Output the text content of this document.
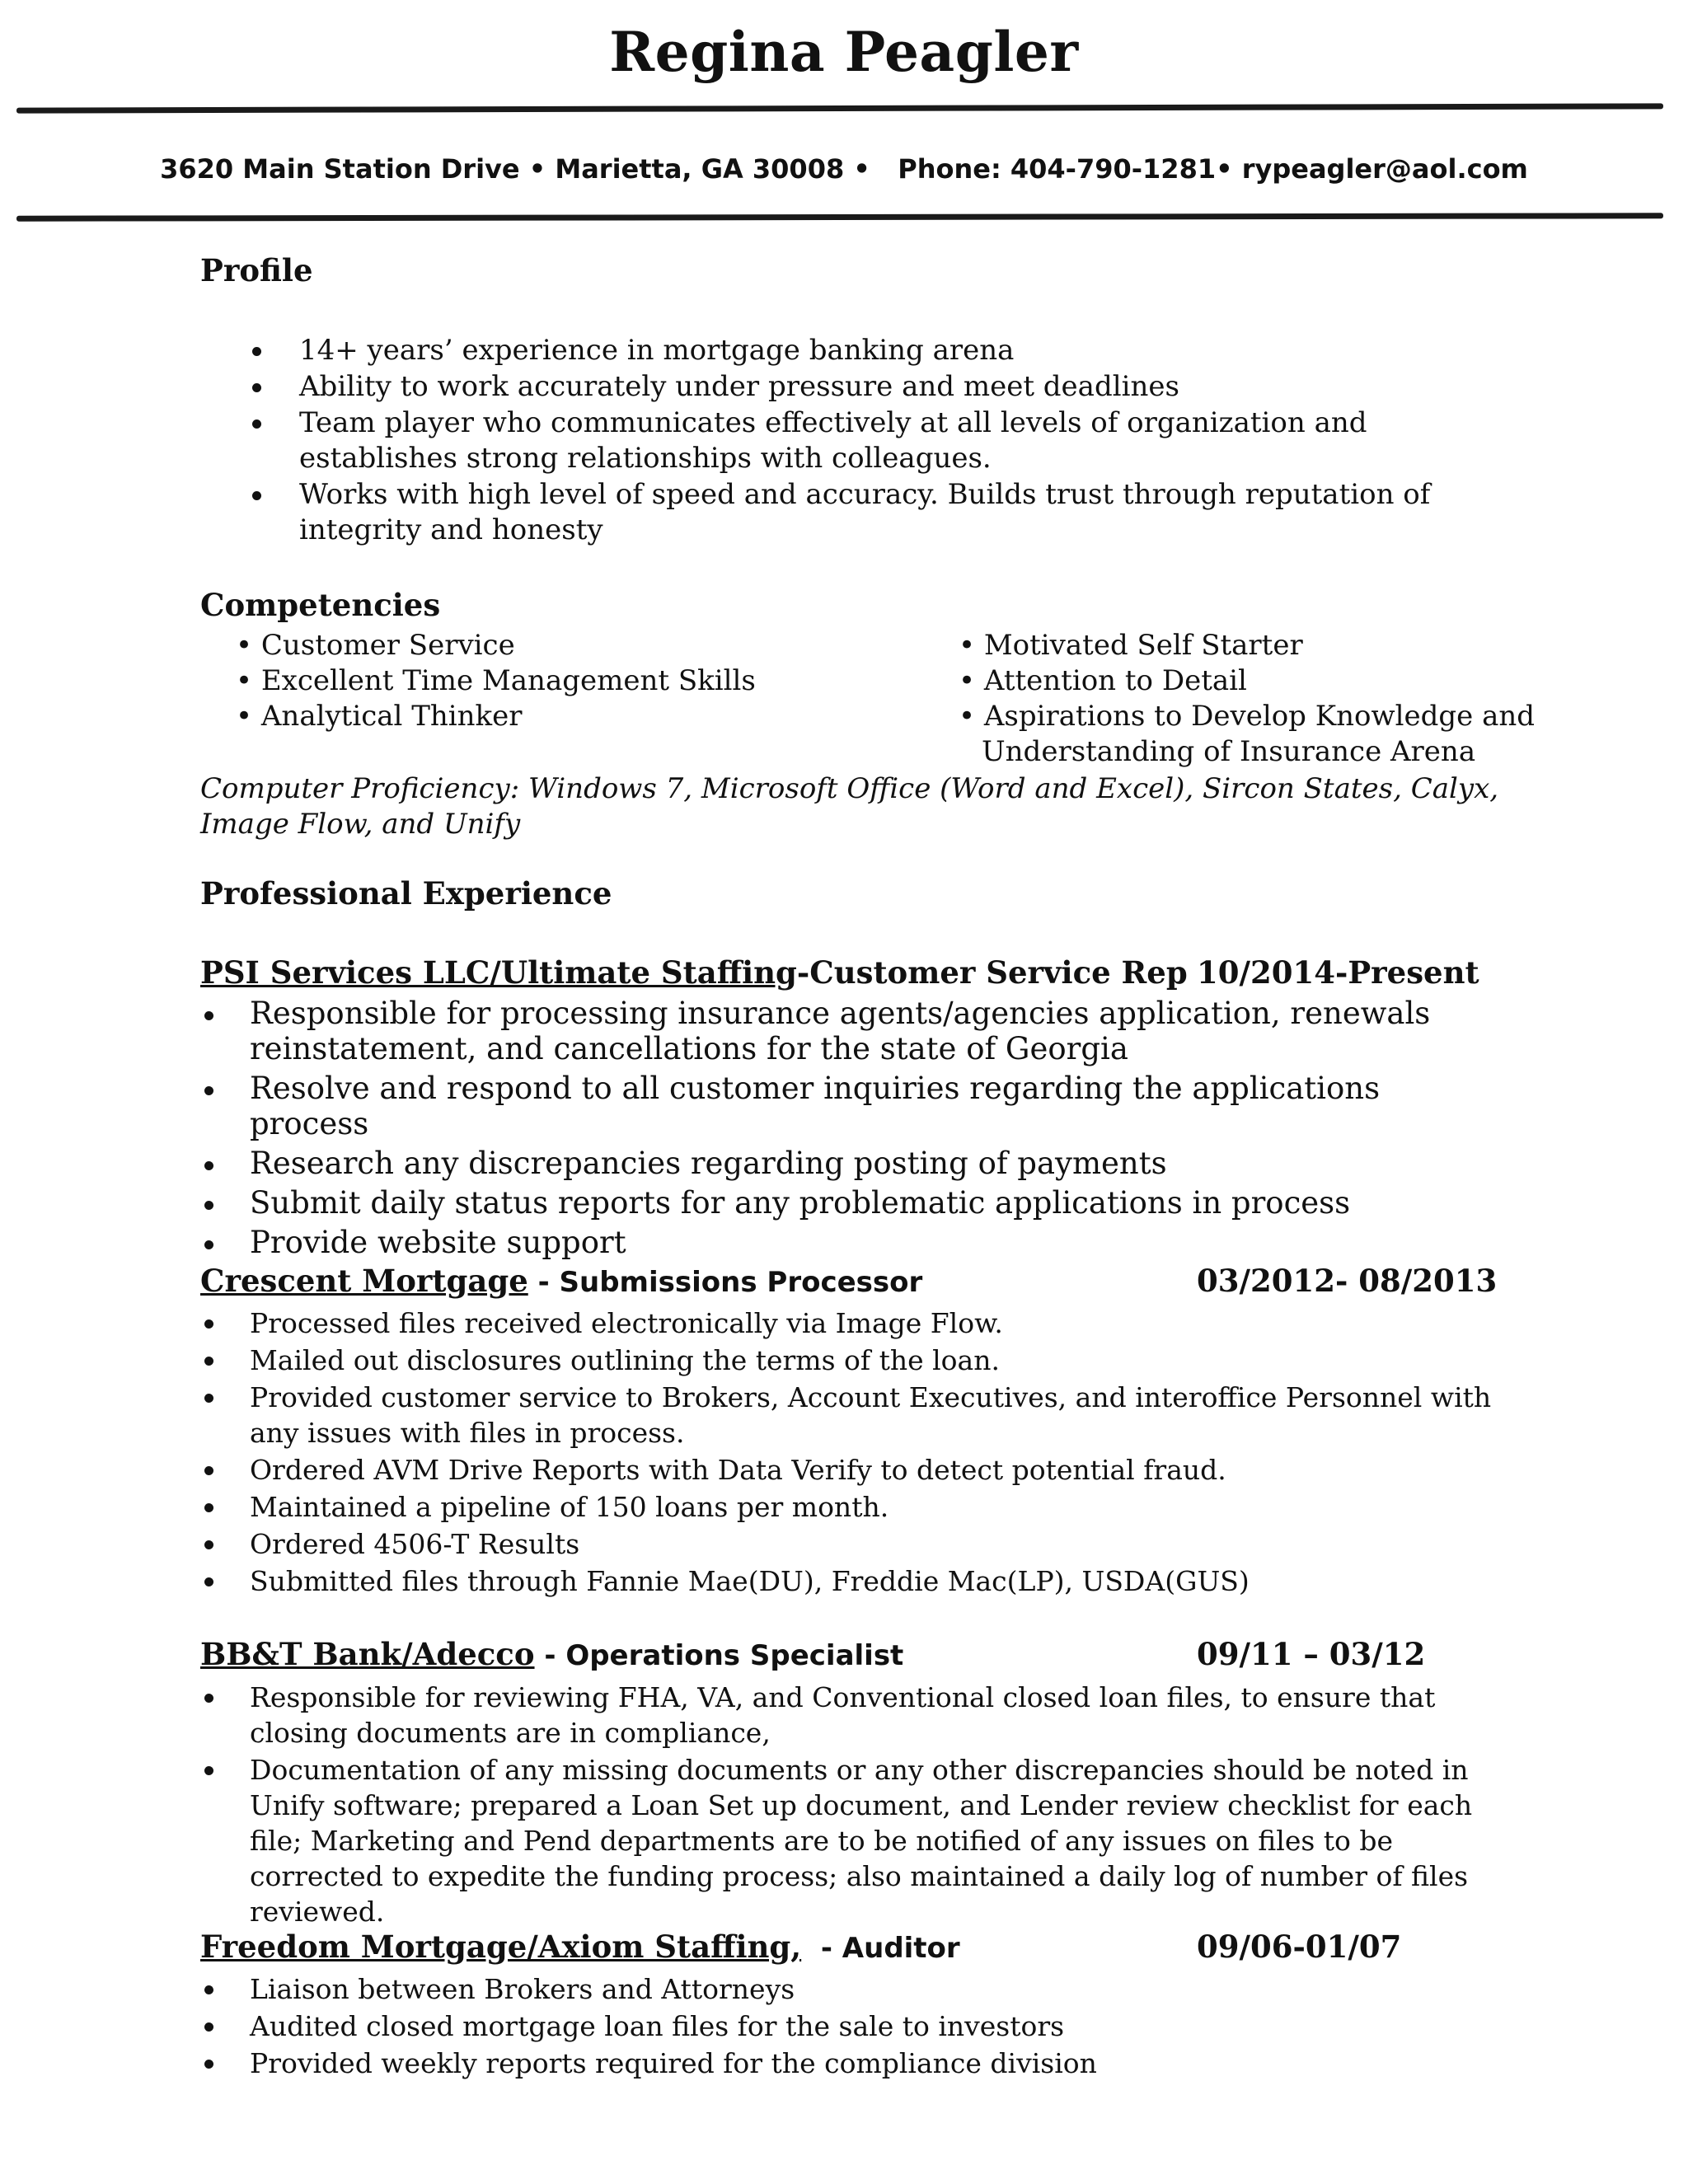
Regina Peagler
3620 Main Station Drive • Marietta, GA 30008 • Phone: 404-790-1281• rypeagler@aol.com
Profile
14+ years’ experience in mortgage banking arena
Ability to work accurately under pressure and meet deadlines
Team player who communicates effectively at all levels of organization and establishes strong relationships with colleagues.
Works with high level of speed and accuracy. Builds trust through reputation of integrity and honesty
Competencies
• Customer Service
• Excellent Time Management Skills
• Analytical Thinker
• Motivated Self Starter
• Attention to Detail
• Aspirations to Develop Knowledge and
Understanding of Insurance Arena
Computer Proficiency: Windows 7, Microsoft Office (Word and Excel), Sircon States, Calyx, Image Flow, and Unify
Professional Experience
PSI Services LLC/Ultimate Staffing-Customer Service Rep 10/2014-Present
Responsible for processing insurance agents/agencies application, renewals reinstatement, and cancellations for the state of Georgia
Resolve and respond to all customer inquiries regarding the applications process
Research any discrepancies regarding posting of payments
Submit daily status reports for any problematic applications in process
Provide website support
Crescent Mortgage - Submissions Processor	03/2012- 08/2013
Processed files received electronically via Image Flow.
Mailed out disclosures outlining the terms of the loan.
Provided customer service to Brokers, Account Executives, and interoffice Personnel with any issues with files in process.
Ordered AVM Drive Reports with Data Verify to detect potential fraud.
Maintained a pipeline of 150 loans per month.
Ordered 4506-T Results
Submitted files through Fannie Mae(DU), Freddie Mac(LP), USDA(GUS)
BB&T Bank/Adecco - Operations Specialist	09/11 – 03/12
Responsible for reviewing FHA, VA, and Conventional closed loan files, to ensure that closing documents are in compliance,
Documentation of any missing documents or any other discrepancies should be noted in Unify software; prepared a Loan Set up document, and Lender review checklist for each file; Marketing and Pend departments are to be notified of any issues on files to be corrected to expedite the funding process; also maintained a daily log of number of files reviewed.
Freedom Mortgage/Axiom Staffing,  - Auditor	09/06-01/07
Liaison between Brokers and Attorneys
Audited closed mortgage loan files for the sale to investors
Provided weekly reports required for the compliance division
